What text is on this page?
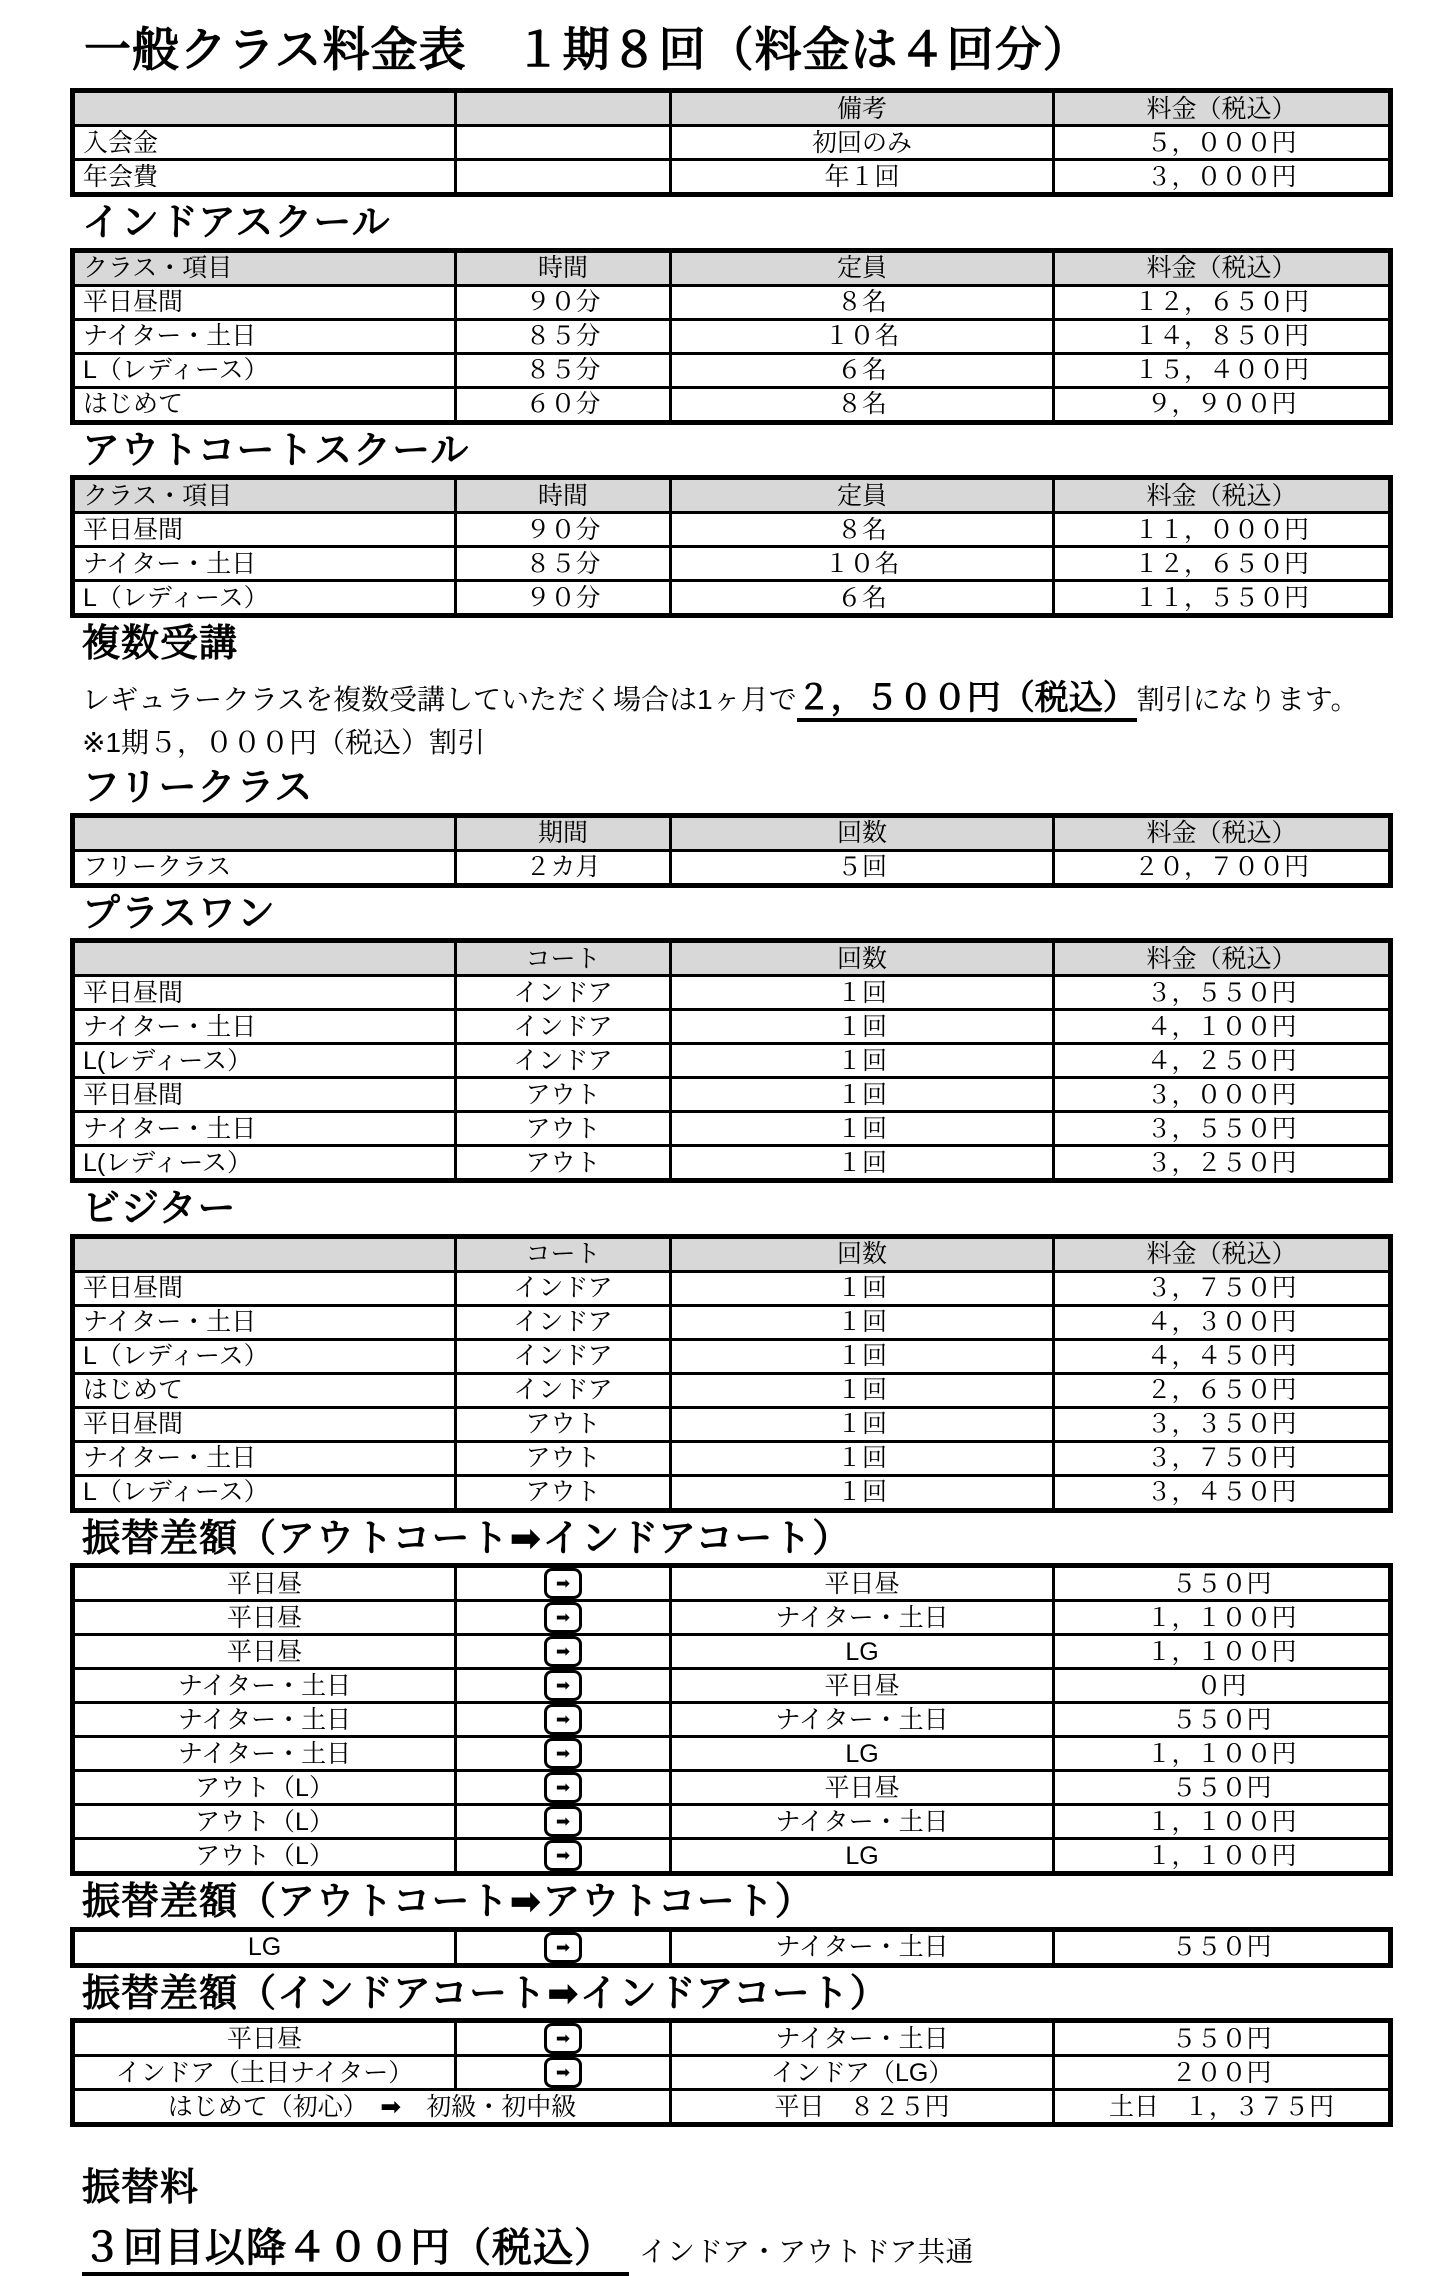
一般クラス料金表　１期８回（料金は４回分）
		備考	料金（税込）
入会金		初回のみ	５，０００円
年会費		年１回	３，０００円
インドアスクール
クラス・項目	時間	定員	料金（税込）
平日昼間	９０分	８名	１２，６５０円
ナイター・土日	８５分	１０名	１４，８５０円
L（レディース）	８５分	６名	１５，４００円
はじめて	６０分	８名	９，９００円
アウトコートスクール
クラス・項目	時間	定員	料金（税込）
平日昼間	９０分	８名	１１，０００円
ナイター・土日	８５分	１０名	１２，６５０円
L（レディース）	９０分	６名	１１，５５０円
複数受講

レギュラークラスを複数受講していただく場合は1ヶ月で２，５００円（税込）割引になります。

※1期５，０００円（税込）割引

フリークラス
	期間	回数	料金（税込）
フリークラス	２カ月	５回	２０，７００円
プラスワン
	コート	回数	料金（税込）
平日昼間	インドア	１回	３，５５０円
ナイター・土日	インドア	１回	４，１００円
L(レディース）	インドア	１回	４，２５０円
平日昼間	アウト	１回	３，０００円
ナイター・土日	アウト	１回	３，５５０円
L(レディース）	アウト	１回	３，２５０円
ビジター
	コート	回数	料金（税込）
平日昼間	インドア	１回	３，７５０円
ナイター・土日	インドア	１回	４，３００円
L（レディース）	インドア	１回	４，４５０円
はじめて	インドア	１回	２，６５０円
平日昼間	アウト	１回	３，３５０円
ナイター・土日	アウト	１回	３，７５０円
L（レディース）	アウト	１回	３，４５０円
振替差額（アウトコート➡インドアコート）
平日昼	➡	平日昼	５５０円
平日昼	➡	ナイター・土日	１，１００円
平日昼	➡	LG	１，１００円
ナイター・土日	➡	平日昼	０円
ナイター・土日	➡	ナイター・土日	５５０円
ナイター・土日	➡	LG	１，１００円
アウト（L）	➡	平日昼	５５０円
アウト（L）	➡	ナイター・土日	１，１００円
アウト（L）	➡	LG	１，１００円
振替差額（アウトコート➡アウトコート）
LG	➡	ナイター・土日	５５０円
振替差額（インドアコート➡インドアコート）
平日昼	➡	ナイター・土日	５５０円
インドア（土日ナイター）	➡	インドア（LG）	２００円
はじめて（初心）　➡　初級・初中級		平日　８２５円	土日　１，３７５円
振替料

３回目以降４００円（税込） インドア・アウトドア共通
